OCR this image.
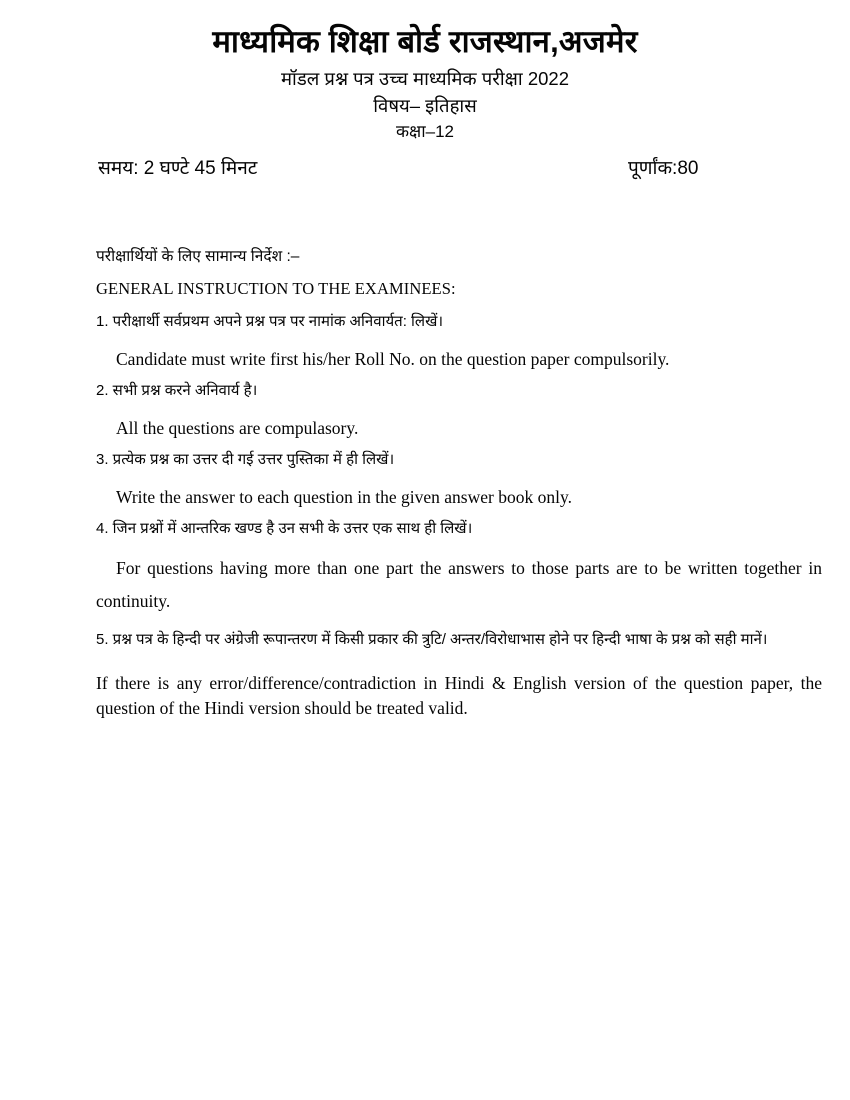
माध्यमिक शिक्षा बोर्ड राजस्थान,अजमेर
मॉडल प्रश्न पत्र उच्च माध्यमिक परीक्षा 2022
विषय– इतिहास
कक्षा–12
समय: 2 घण्टे 45 मिनट	पूर्णांक:80

परीक्षार्थियों के लिए सामान्य निर्देश :–

GENERAL INSTRUCTION TO THE EXAMINEES:

1. परीक्षार्थी सर्वप्रथम अपने प्रश्न पत्र पर नामांक अनिवार्यत: लिखें।

Candidate must write first his/her Roll No. on the question paper compulsorily.

2. सभी प्रश्न करने अनिवार्य है।

All the questions are compulasory.

3. प्रत्येक प्रश्न का उत्तर दी गई उत्तर पुस्तिका में ही लिखें।

Write the answer to each question in the given answer book only.

4. जिन प्रश्नों में आन्तरिक खण्ड है उन सभी के उत्तर एक साथ ही लिखें।

For questions having more than one part the answers to those parts are to be written together in continuity.

5. प्रश्न पत्र के हिन्दी पर अंग्रेजी रूपान्तरण में किसी प्रकार की त्रुटि/ अन्तर/विरोधाभास होने पर हिन्दी भाषा के प्रश्न को सही मानें।

If there is any error/difference/contradiction in Hindi & English version of the question paper, the question of the Hindi version should be treated valid.
